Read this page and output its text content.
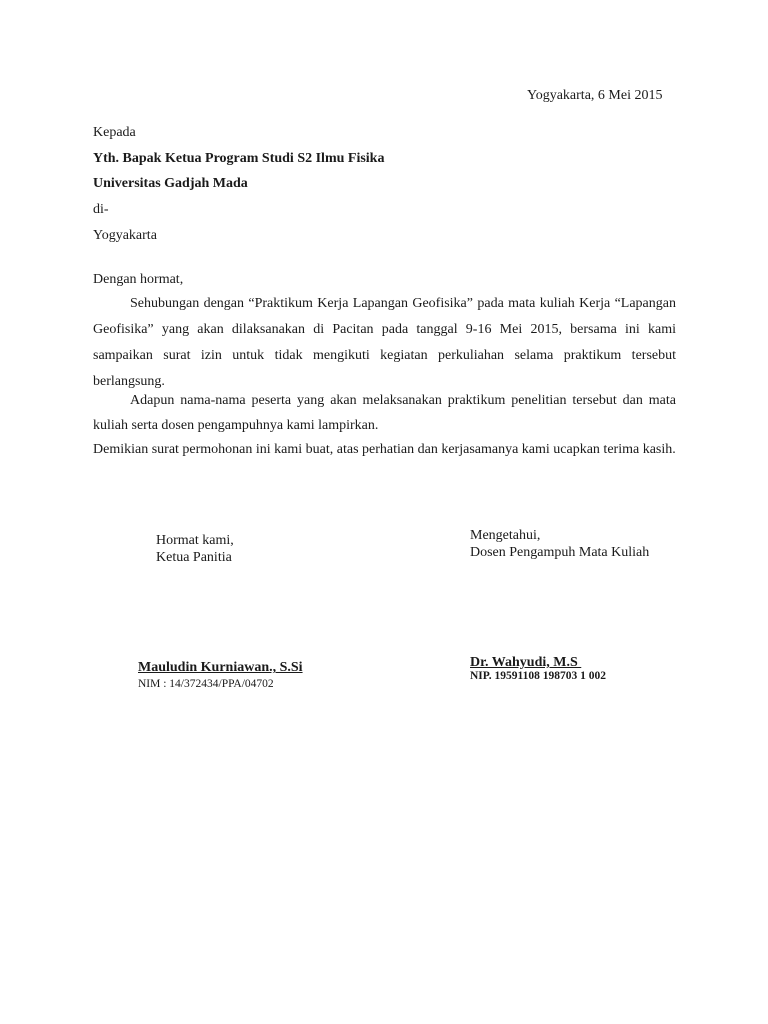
Yogyakarta, 6 Mei 2015
Kepada
Yth. Bapak Ketua Program Studi S2 Ilmu Fisika
Universitas Gadjah Mada
di-
Yogyakarta
Dengan hormat,
Sehubungan dengan “Praktikum Kerja Lapangan Geofisika” pada mata kuliah Kerja “Lapangan Geofisika” yang akan dilaksanakan di Pacitan pada tanggal 9-16 Mei 2015, bersama ini kami sampaikan surat izin untuk tidak mengikuti kegiatan perkuliahan selama praktikum tersebut berlangsung.
Adapun nama-nama peserta yang akan melaksanakan praktikum penelitian tersebut dan mata kuliah serta dosen pengampuhnya kami lampirkan.
Demikian surat permohonan ini kami buat, atas perhatian dan kerjasamanya kami ucapkan terima kasih.
Hormat kami,
Ketua Panitia
Mauludin Kurniawan., S.Si
NIM : 14/372434/PPA/04702
Mengetahui,
Dosen Pengampuh Mata Kuliah
Dr. Wahyudi, M.S
NIP. 19591108 198703 1 002
